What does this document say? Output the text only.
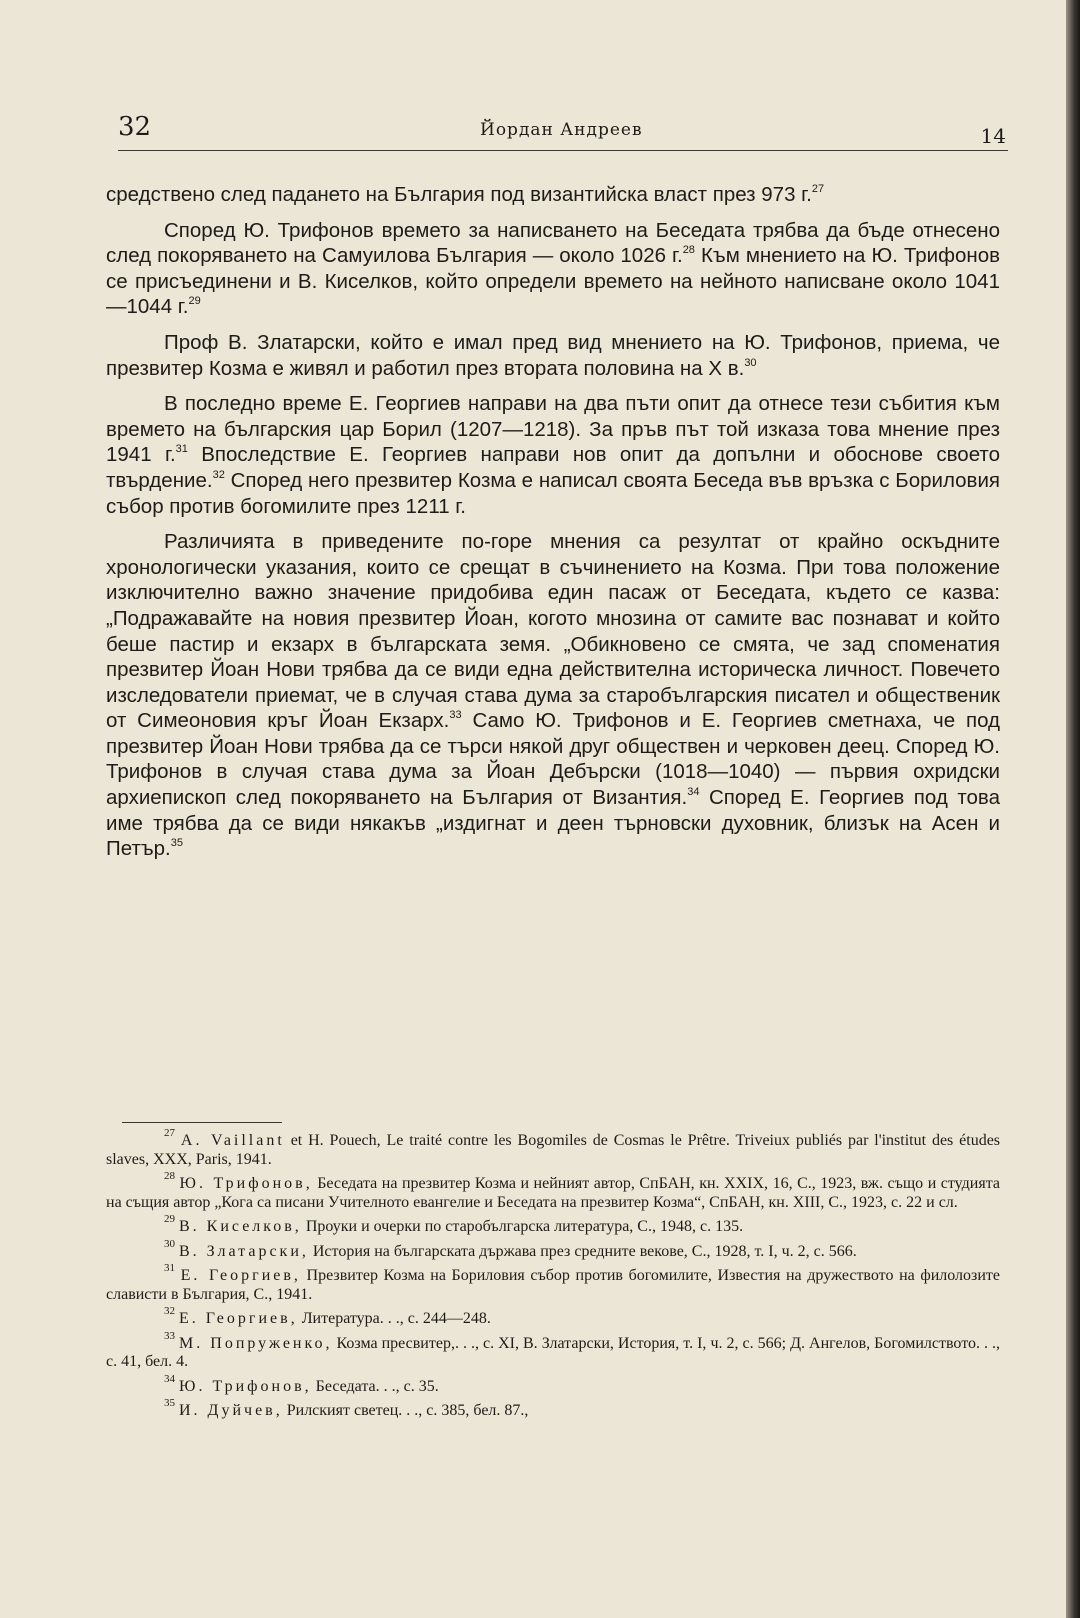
32	Йордан Андреев	14

средствено след падането на България под византийска власт през 973 г.$^{27}$

Според Ю. Трифонов времето за написването на Беседата трябва да бъде отнесено след покоряването на Самуилова България — около 1026 г.$^{28}$ Към мнението на Ю. Трифонов се присъединени и В. Киселков, който определи времето на нейното написване около 1041—1044 г.$^{29}$

Проф В. Златарски, който е имал пред вид мнението на Ю. Трифонов, приема, че презвитер Козма е живял и работил през втората половина на Х в.$^{30}$

В последно време Е. Георгиев направи на два пъти опит да отнесе тези събития към времето на българския цар Борил (1207—1218). За пръв път той изказа това мнение през 1941 г.$^{31}$ Впоследствие Е. Георгиев направи нов опит да допълни и обоснове своето твърдение.$^{32}$ Според него презвитер Козма е написал своята Беседа във връзка с Бориловия събор против богомилите през 1211 г.

Различията в приведените по-горе мнения са резултат от крайно оскъдните хронологически указания, които се срещат в съчинението на Козма. При това положение изключително важно значение придобива един пасаж от Беседата, където се казва: „Подражавайте на новия презвитер Йоан, когото мнозина от самите вас познават и който беше пастир и екзарх в българската земя. „Обикновено се смята, че зад споменатия презвитер Йоан Нови трябва да се види една действителна историческа личност. Повечето изследователи приемат, че в случая става дума за старобългарския писател и общественик от Симеоновия кръг Йоан Екзарх.$^{33}$ Само Ю. Трифонов и Е. Георгиев сметнаха, че под презвитер Йоан Нови трябва да се търси някой друг обществен и черковен деец. Според Ю. Трифонов в случая става дума за Йоан Дебърски (1018—1040) — първия охридски архиепископ след покоряването на България от Византия.$^{34}$ Според Е. Георгиев под това име трябва да се види някакъв „издигнат и деен търновски духовник, близък на Асен и Петър.$^{35}$

$^{27}$ A. Vaillant et H. Pouech, Le traité contre les Bogomiles de Cosmas le Prêtre. Triveiux publiés par l'institut des études slaves, XXX, Paris, 1941.

$^{28}$ Ю. Трифонов, Беседата на презвитер Козма и нейният автор, СпБАН, кн. XXIX, 16, С., 1923, вж. също и студията на същия автор „Кога са писани Учителното евангелие и Беседата на презвитер Козма“, СпБАН, кн. XIII, С., 1923, с. 22 и сл.

$^{29}$ В. Киселков, Проуки и очерки по старобългарска литература, С., 1948, с. 135.

$^{30}$ В. Златарски, История на българската държава през средните векове, С., 1928, т. I, ч. 2, с. 566.

$^{31}$ Е. Георгиев, Презвитер Козма на Бориловия събор против богомилите, Известия на дружеството на филолозите слависти в България, С., 1941.

$^{32}$ Е. Георгиев, Литература. . ., с. 244—248.

$^{33}$ М. Попруженко, Козма пресвитер,. . ., с. XI, В. Златарски, История, т. I, ч. 2, с. 566; Д. Ангелов, Богомилството. . ., с. 41, бел. 4.

$^{34}$ Ю. Трифонов, Беседата. . ., с. 35.

$^{35}$ И. Дуйчев, Рилският светец. . ., с. 385, бел. 87.,
